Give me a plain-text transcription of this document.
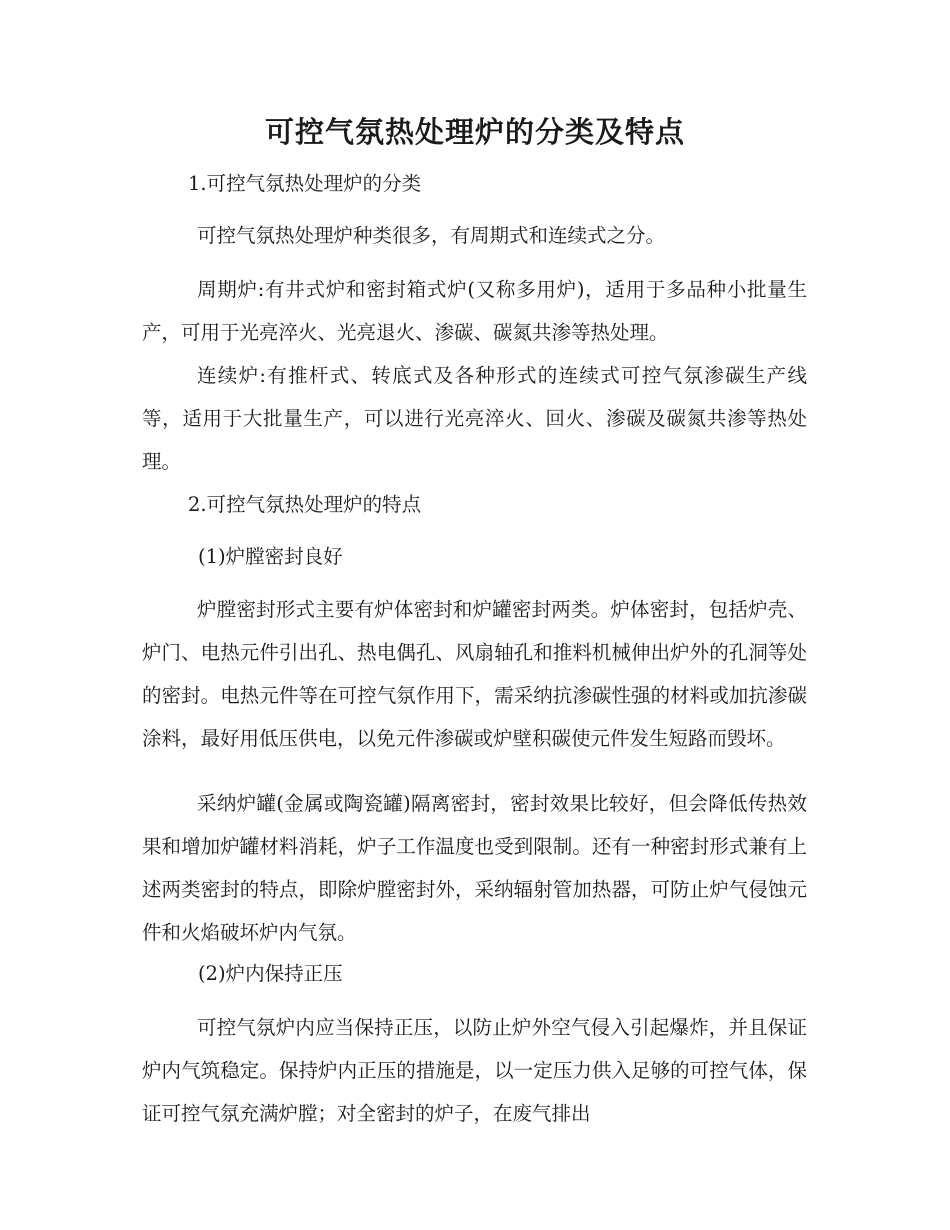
可控气氛热处理炉的分类及特点

1.可控气氛热处理炉的分类

可控气氛热处理炉种类很多，有周期式和连续式之分。

周期炉:有井式炉和密封箱式炉(又称多用炉)，适用于多品种小批量生产，可用于光亮淬火、光亮退火、渗碳、碳氮共渗等热处理。

连续炉:有推杆式、转底式及各种形式的连续式可控气氛渗碳生产线等，适用于大批量生产，可以进行光亮淬火、回火、渗碳及碳氮共渗等热处理。

2.可控气氛热处理炉的特点

(1)炉膛密封良好

炉膛密封形式主要有炉体密封和炉罐密封两类。炉体密封，包括炉壳、炉门、电热元件引出孔、热电偶孔、风扇轴孔和推料机械伸出炉外的孔洞等处的密封。电热元件等在可控气氛作用下，需采纳抗渗碳性强的材料或加抗渗碳涂料，最好用低压供电，以免元件渗碳或炉壁积碳使元件发生短路而毁坏。

采纳炉罐(金属或陶瓷罐)隔离密封，密封效果比较好，但会降低传热效果和增加炉罐材料消耗，炉子工作温度也受到限制。还有一种密封形式兼有上述两类密封的特点，即除炉膛密封外，采纳辐射管加热器，可防止炉气侵蚀元件和火焰破坏炉内气氛。

(2)炉内保持正压

可控气氛炉内应当保持正压，以防止炉外空气侵入引起爆炸，并且保证炉内气筑稳定。保持炉内正压的措施是，以一定压力供入足够的可控气体，保证可控气氛充满炉膛；对全密封的炉子，在废气排出
